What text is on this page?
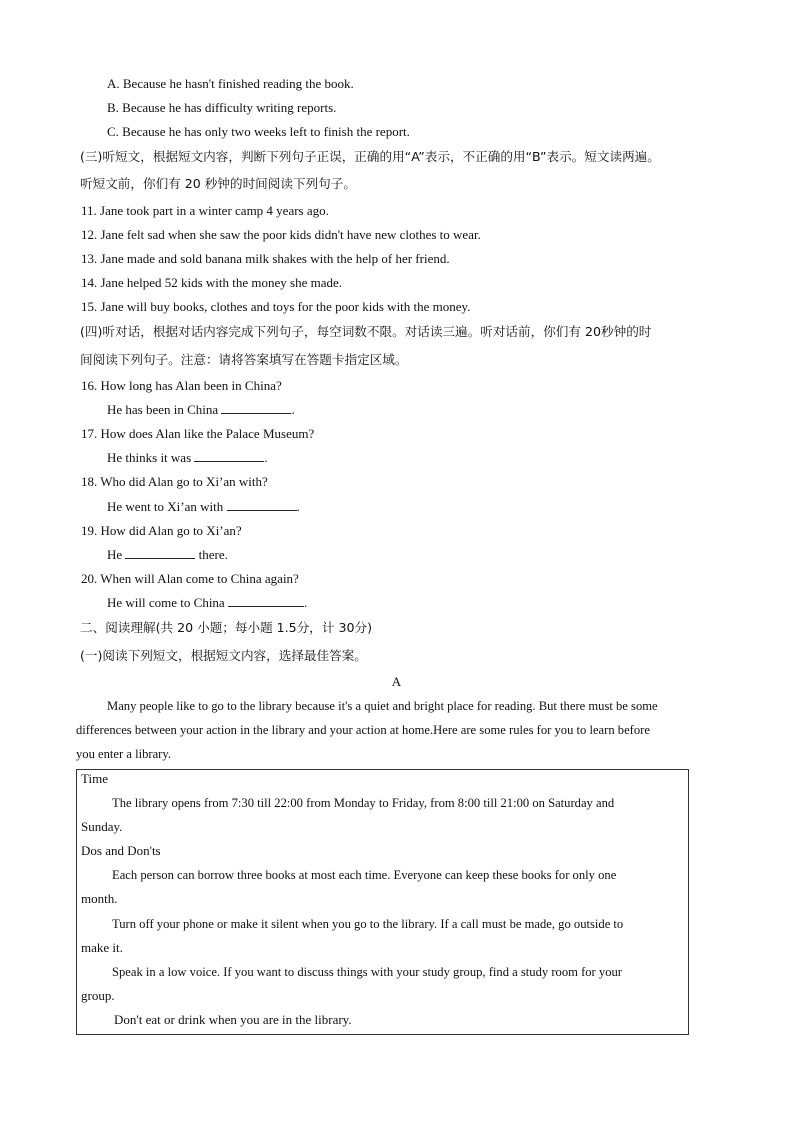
A. Because he hasn't finished reading the book.
B. Because he has difficulty writing reports.
C. Because he has only two weeks left to finish the report.
(三)听短文，根据短文内容，判断下列句子正误，正确的用“A”表示，不正确的用“B”表示。短文读两遍。
听短文前，你们有 20 秒钟的时间阅读下列句子。
11. Jane took part in a winter camp 4 years ago.
12. Jane felt sad when she saw the poor kids didn't have new clothes to wear.
13. Jane made and sold banana milk shakes with the help of her friend.
14. Jane helped 52 kids with the money she made.
15. Jane will buy books, clothes and toys for the poor kids with the money.
(四)听对话，根据对话内容完成下列句子，每空词数不限。对话读三遍。听对话前，你们有 20秒钟的时
间阅读下列句子。注意：请将答案填写在答题卡指定区域。
16. How long has Alan been in China?
He has been in China	.
17. How does Alan like the Palace Museum?
He thinks it was	.
18. Who did Alan go to Xi’an with?
He went to Xi’an with	.
19. How did Alan go to Xi’an?
He	there.
20. When will Alan come to China again?
He will come to China	.
二、阅读理解(共 20 小题；每小题 1.5分，计 30分)
(一)阅读下列短文，根据短文内容，选择最佳答案。
A
Many people like to go to the library because it's a quiet and bright place for reading. But there must be some
differences between your action in the library and your action at home.Here are some rules for you to learn before
you enter a library.
Time
The library opens from 7:30 till 22:00 from Monday to Friday, from 8:00 till 21:00 on Saturday and
Sunday.
Dos and Don'ts
Each person can borrow three books at most each time. Everyone can keep these books for only one
month.
Turn off your phone or make it silent when you go to the library. If a call must be made, go outside to
make it.
Speak in a low voice. If you want to discuss things with your study group, find a study room for your
group.
Don't eat or drink when you are in the library.
